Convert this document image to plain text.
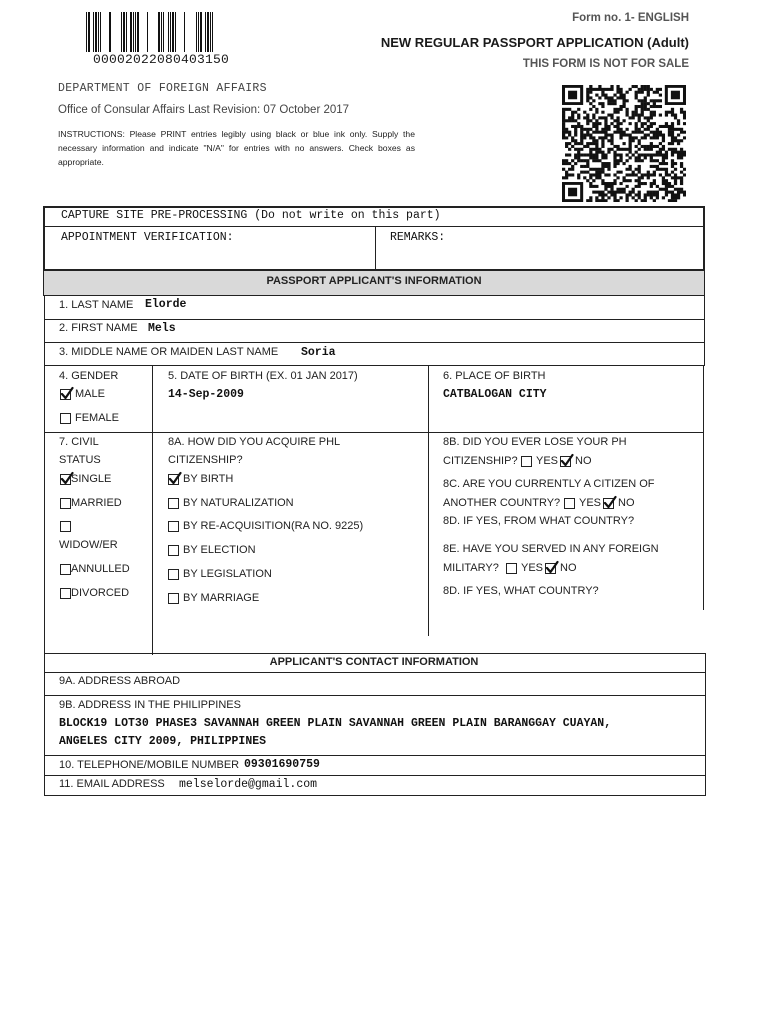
00002022080403150
Form no. 1- ENGLISH
NEW REGULAR PASSPORT APPLICATION (Adult)
THIS FORM IS NOT FOR SALE
DEPARTMENT OF FOREIGN AFFAIRS
Office of Consular Affairs Last Revision: 07 October 2017
INSTRUCTIONS: Please PRINT entries legibly using black or blue ink only. Supply the necessary information and indicate "N/A" for entries with no answers. Check boxes as appropriate.
CAPTURE SITE PRE-PROCESSING (Do not write on this part)
APPOINTMENT VERIFICATION:	REMARKS:
PASSPORT APPLICANT'S INFORMATION
1. LAST NAME Elorde
2. FIRST NAME Mels
3. MIDDLE NAME OR MAIDEN LAST NAME Soria
4. GENDER
MALE
FEMALE
5. DATE OF BIRTH (EX. 01 JAN 2017)
14-Sep-2009
6. PLACE OF BIRTH
CATBALOGAN CITY
7. CIVIL
STATUS
SINGLE
MARRIED
WIDOW/ER
ANNULLED
DIVORCED
8A. HOW DID YOU ACQUIRE PHL
CITIZENSHIP?
BY BIRTH
BY NATURALIZATION
BY RE-ACQUISITION(RA NO. 9225)
BY ELECTION
BY LEGISLATION
BY MARRIAGE
8B. DID YOU EVER LOSE YOUR PH
CITIZENSHIP? YES NO
8C. ARE YOU CURRENTLY A CITIZEN OF
ANOTHER COUNTRY? YES NO
8D. IF YES, FROM WHAT COUNTRY?
8E. HAVE YOU SERVED IN ANY FOREIGN
MILITARY? YES NO
8D. IF YES, WHAT COUNTRY?
APPLICANT'S CONTACT INFORMATION
9A. ADDRESS ABROAD
9B. ADDRESS IN THE PHILIPPINES
BLOCK19 LOT30 PHASE3 SAVANNAH GREEN PLAIN SAVANNAH GREEN PLAIN BARANGGAY CUAYAN,
ANGELES CITY 2009, PHILIPPINES
10. TELEPHONE/MOBILE NUMBER 09301690759
11. EMAIL ADDRESS melselorde@gmail.com
